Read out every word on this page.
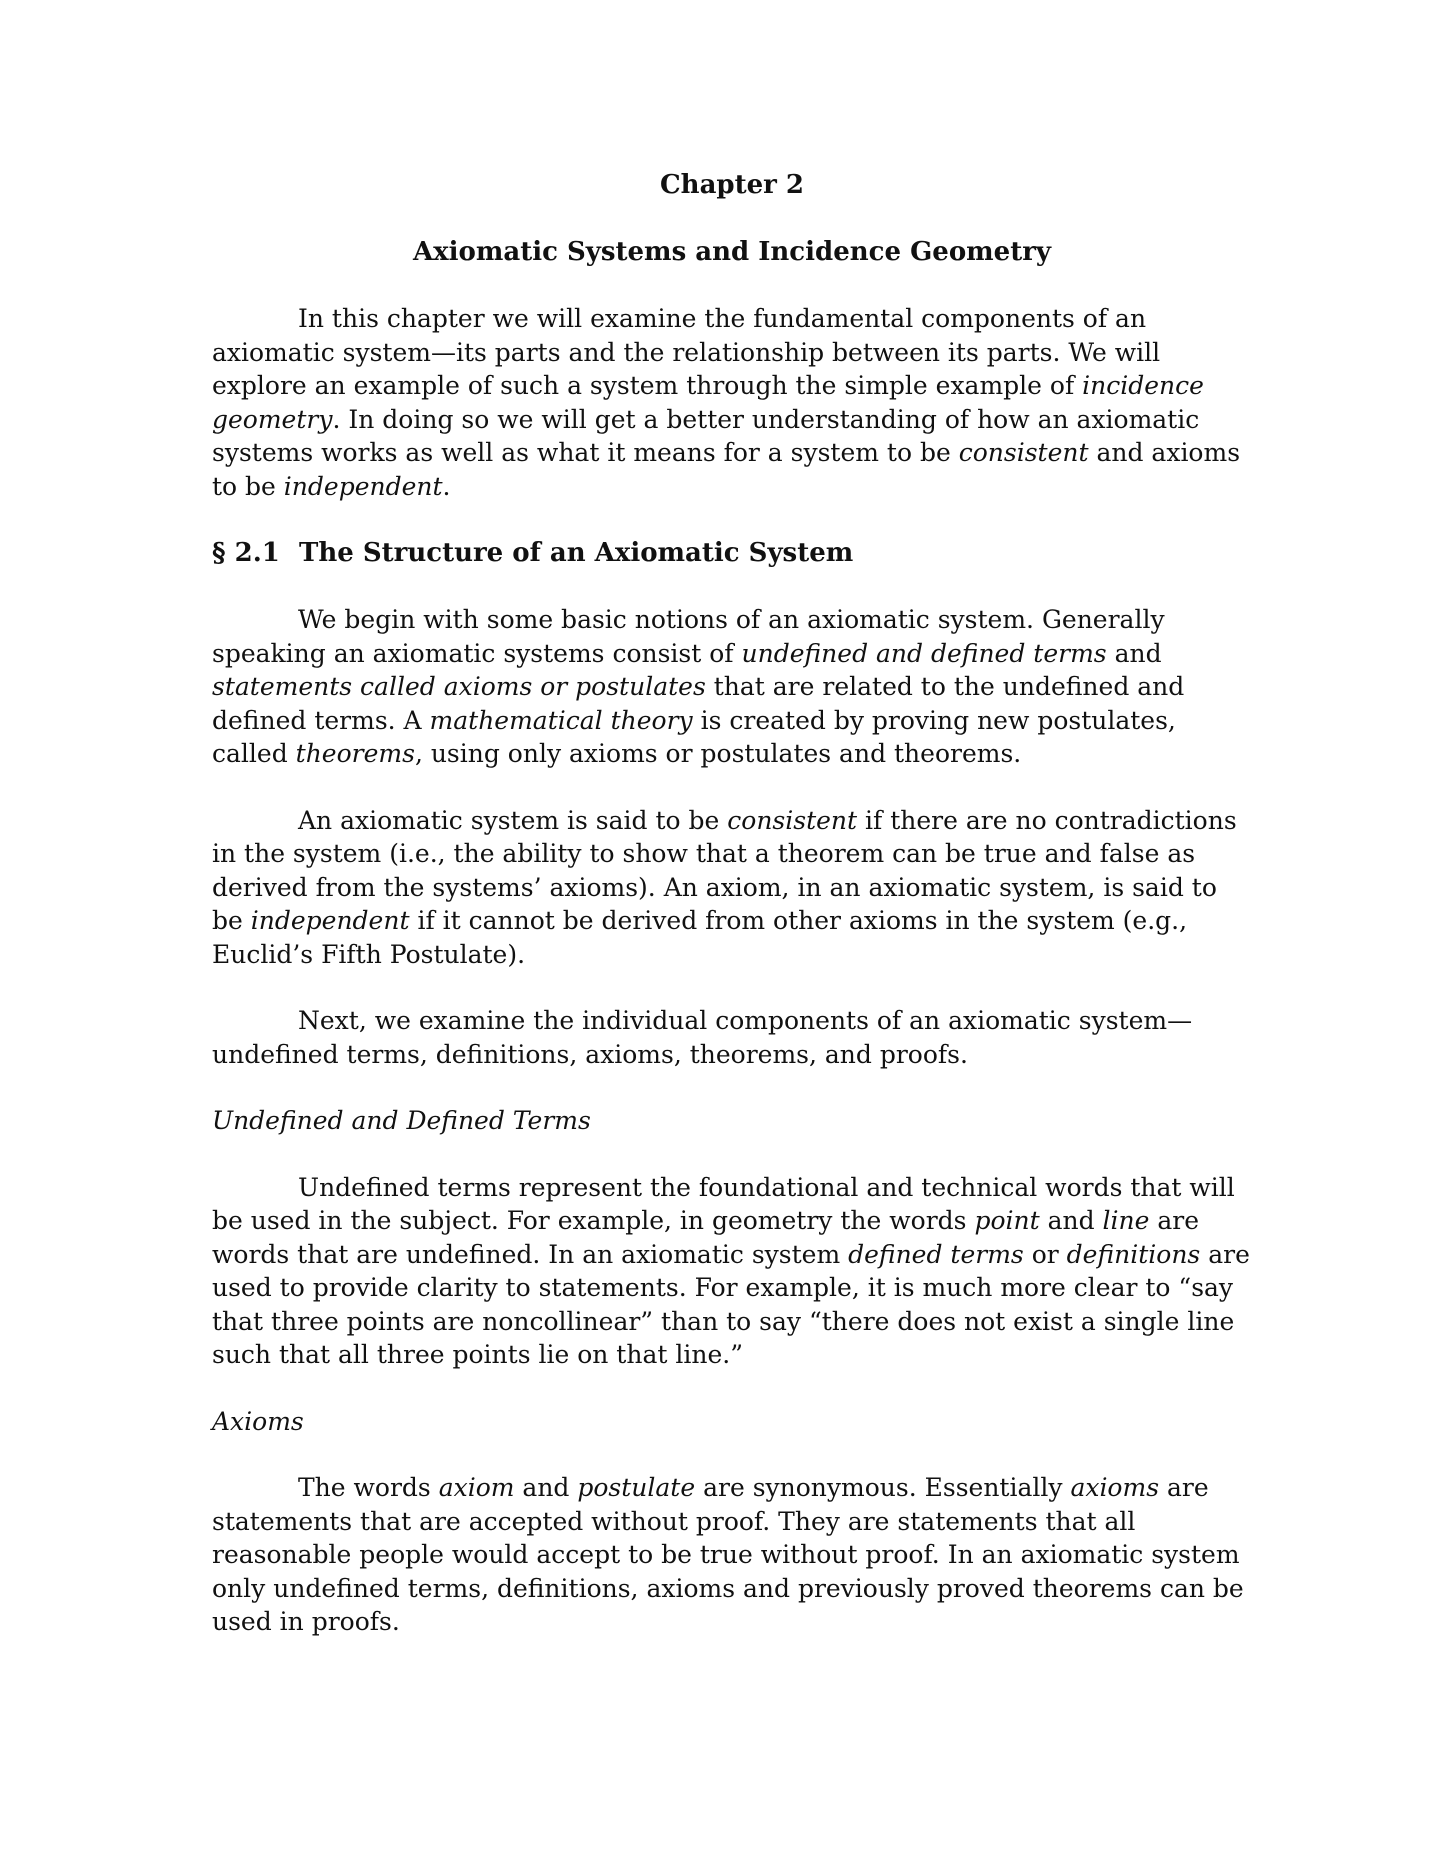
Chapter 2
Axiomatic Systems and Incidence Geometry

In this chapter we will examine the fundamental components of an axiomatic system—its parts and the relationship between its parts. We will explore an example of such a system through the simple example of incidence geometry. In doing so we will get a better understanding of how an axiomatic systems works as well as what it means for a system to be consistent and axioms to be independent.

§ 2.1 The Structure of an Axiomatic System

We begin with some basic notions of an axiomatic system. Generally speaking an axiomatic systems consist of undefined and defined terms and statements called axioms or postulates that are related to the undefined and defined terms. A mathematical theory is created by proving new postulates, called theorems, using only axioms or postulates and theorems.

An axiomatic system is said to be consistent if there are no contradictions in the system (i.e., the ability to show that a theorem can be true and false as derived from the systems’ axioms). An axiom, in an axiomatic system, is said to be independent if it cannot be derived from other axioms in the system (e.g., Euclid’s Fifth Postulate).

Next, we examine the individual components of an axiomatic system—undefined terms, definitions, axioms, theorems, and proofs.

Undefined and Defined Terms

Undefined terms represent the foundational and technical words that will be used in the subject. For example, in geometry the words point and line are words that are undefined. In an axiomatic system defined terms or definitions are used to provide clarity to statements. For example, it is much more clear to “say that three points are noncollinear” than to say “there does not exist a single line such that all three points lie on that line.”

Axioms

The words axiom and postulate are synonymous. Essentially axioms are statements that are accepted without proof. They are statements that all reasonable people would accept to be true without proof. In an axiomatic system only undefined terms, definitions, axioms and previously proved theorems can be used in proofs.
